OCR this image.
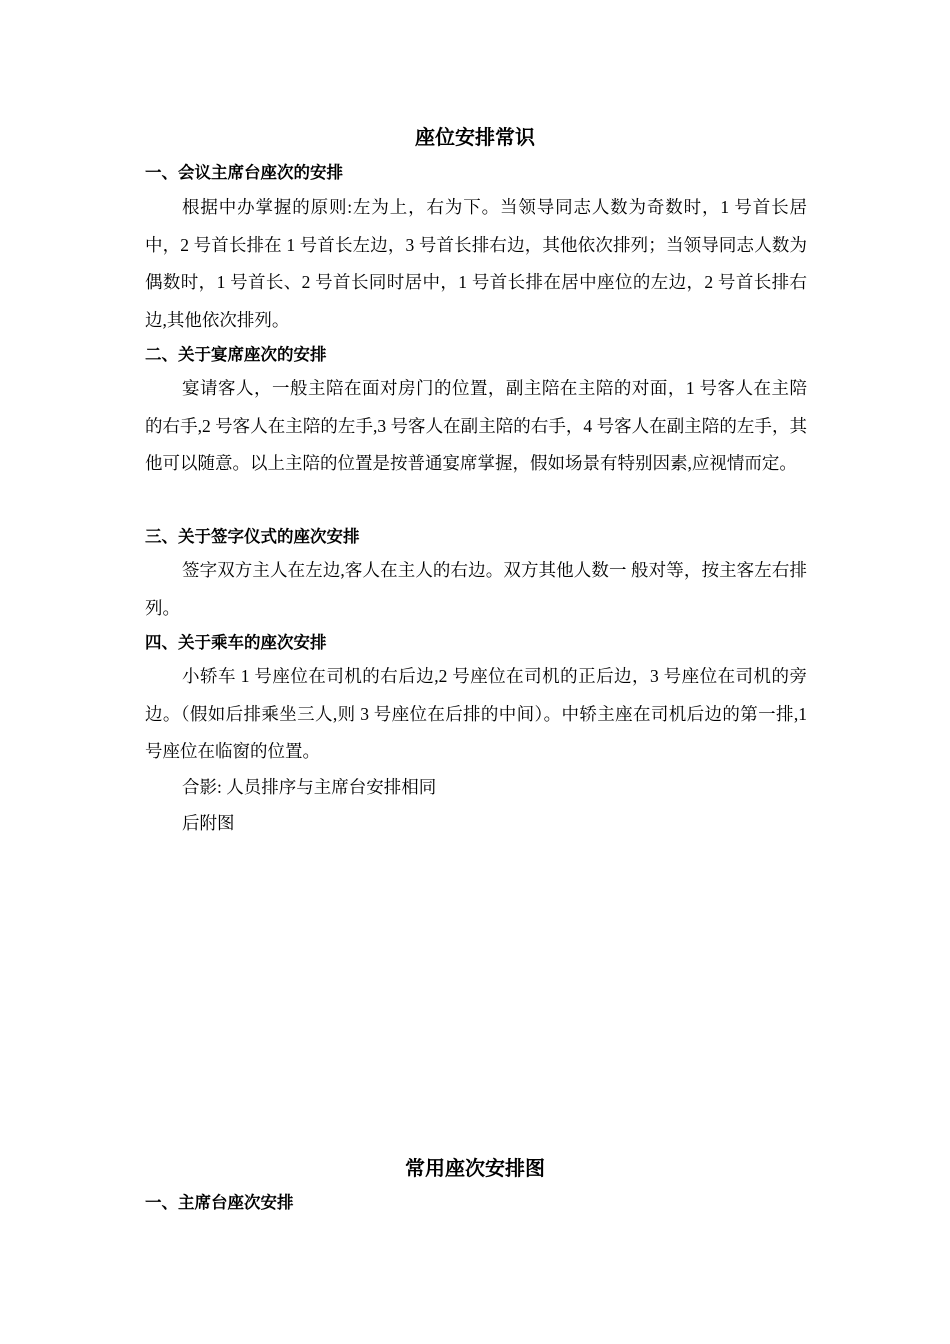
座位安排常识
一、会议主席台座次的安排

根据中办掌握的原则:左为上，右为下。当领导同志人数为奇数时，1 号首长居中，2 号首长排在 1 号首长左边，3 号首长排右边，其他依次排列；当领导同志人数为偶数时，1 号首长、2 号首长同时居中，1 号首长排在居中座位的左边，2 号首长排右边,其他依次排列。

二、关于宴席座次的安排

宴请客人，一般主陪在面对房门的位置，副主陪在主陪的对面，1 号客人在主陪的右手,2 号客人在主陪的左手,3 号客人在副主陪的右手，4 号客人在副主陪的左手，其他可以随意。以上主陪的位置是按普通宴席掌握，假如场景有特别因素,应视情而定。

三、关于签字仪式的座次安排

签字双方主人在左边,客人在主人的右边。双方其他人数一 般对等，按主客左右排列。

四、关于乘车的座次安排

小轿车 1 号座位在司机的右后边,2 号座位在司机的正后边，3 号座位在司机的旁边。（假如后排乘坐三人,则 3 号座位在后排的中间）。中轿主座在司机后边的第一排,1 号座位在临窗的位置。

合影: 人员排序与主席台安排相同
后附图
常用座次安排图
一、主席台座次安排
